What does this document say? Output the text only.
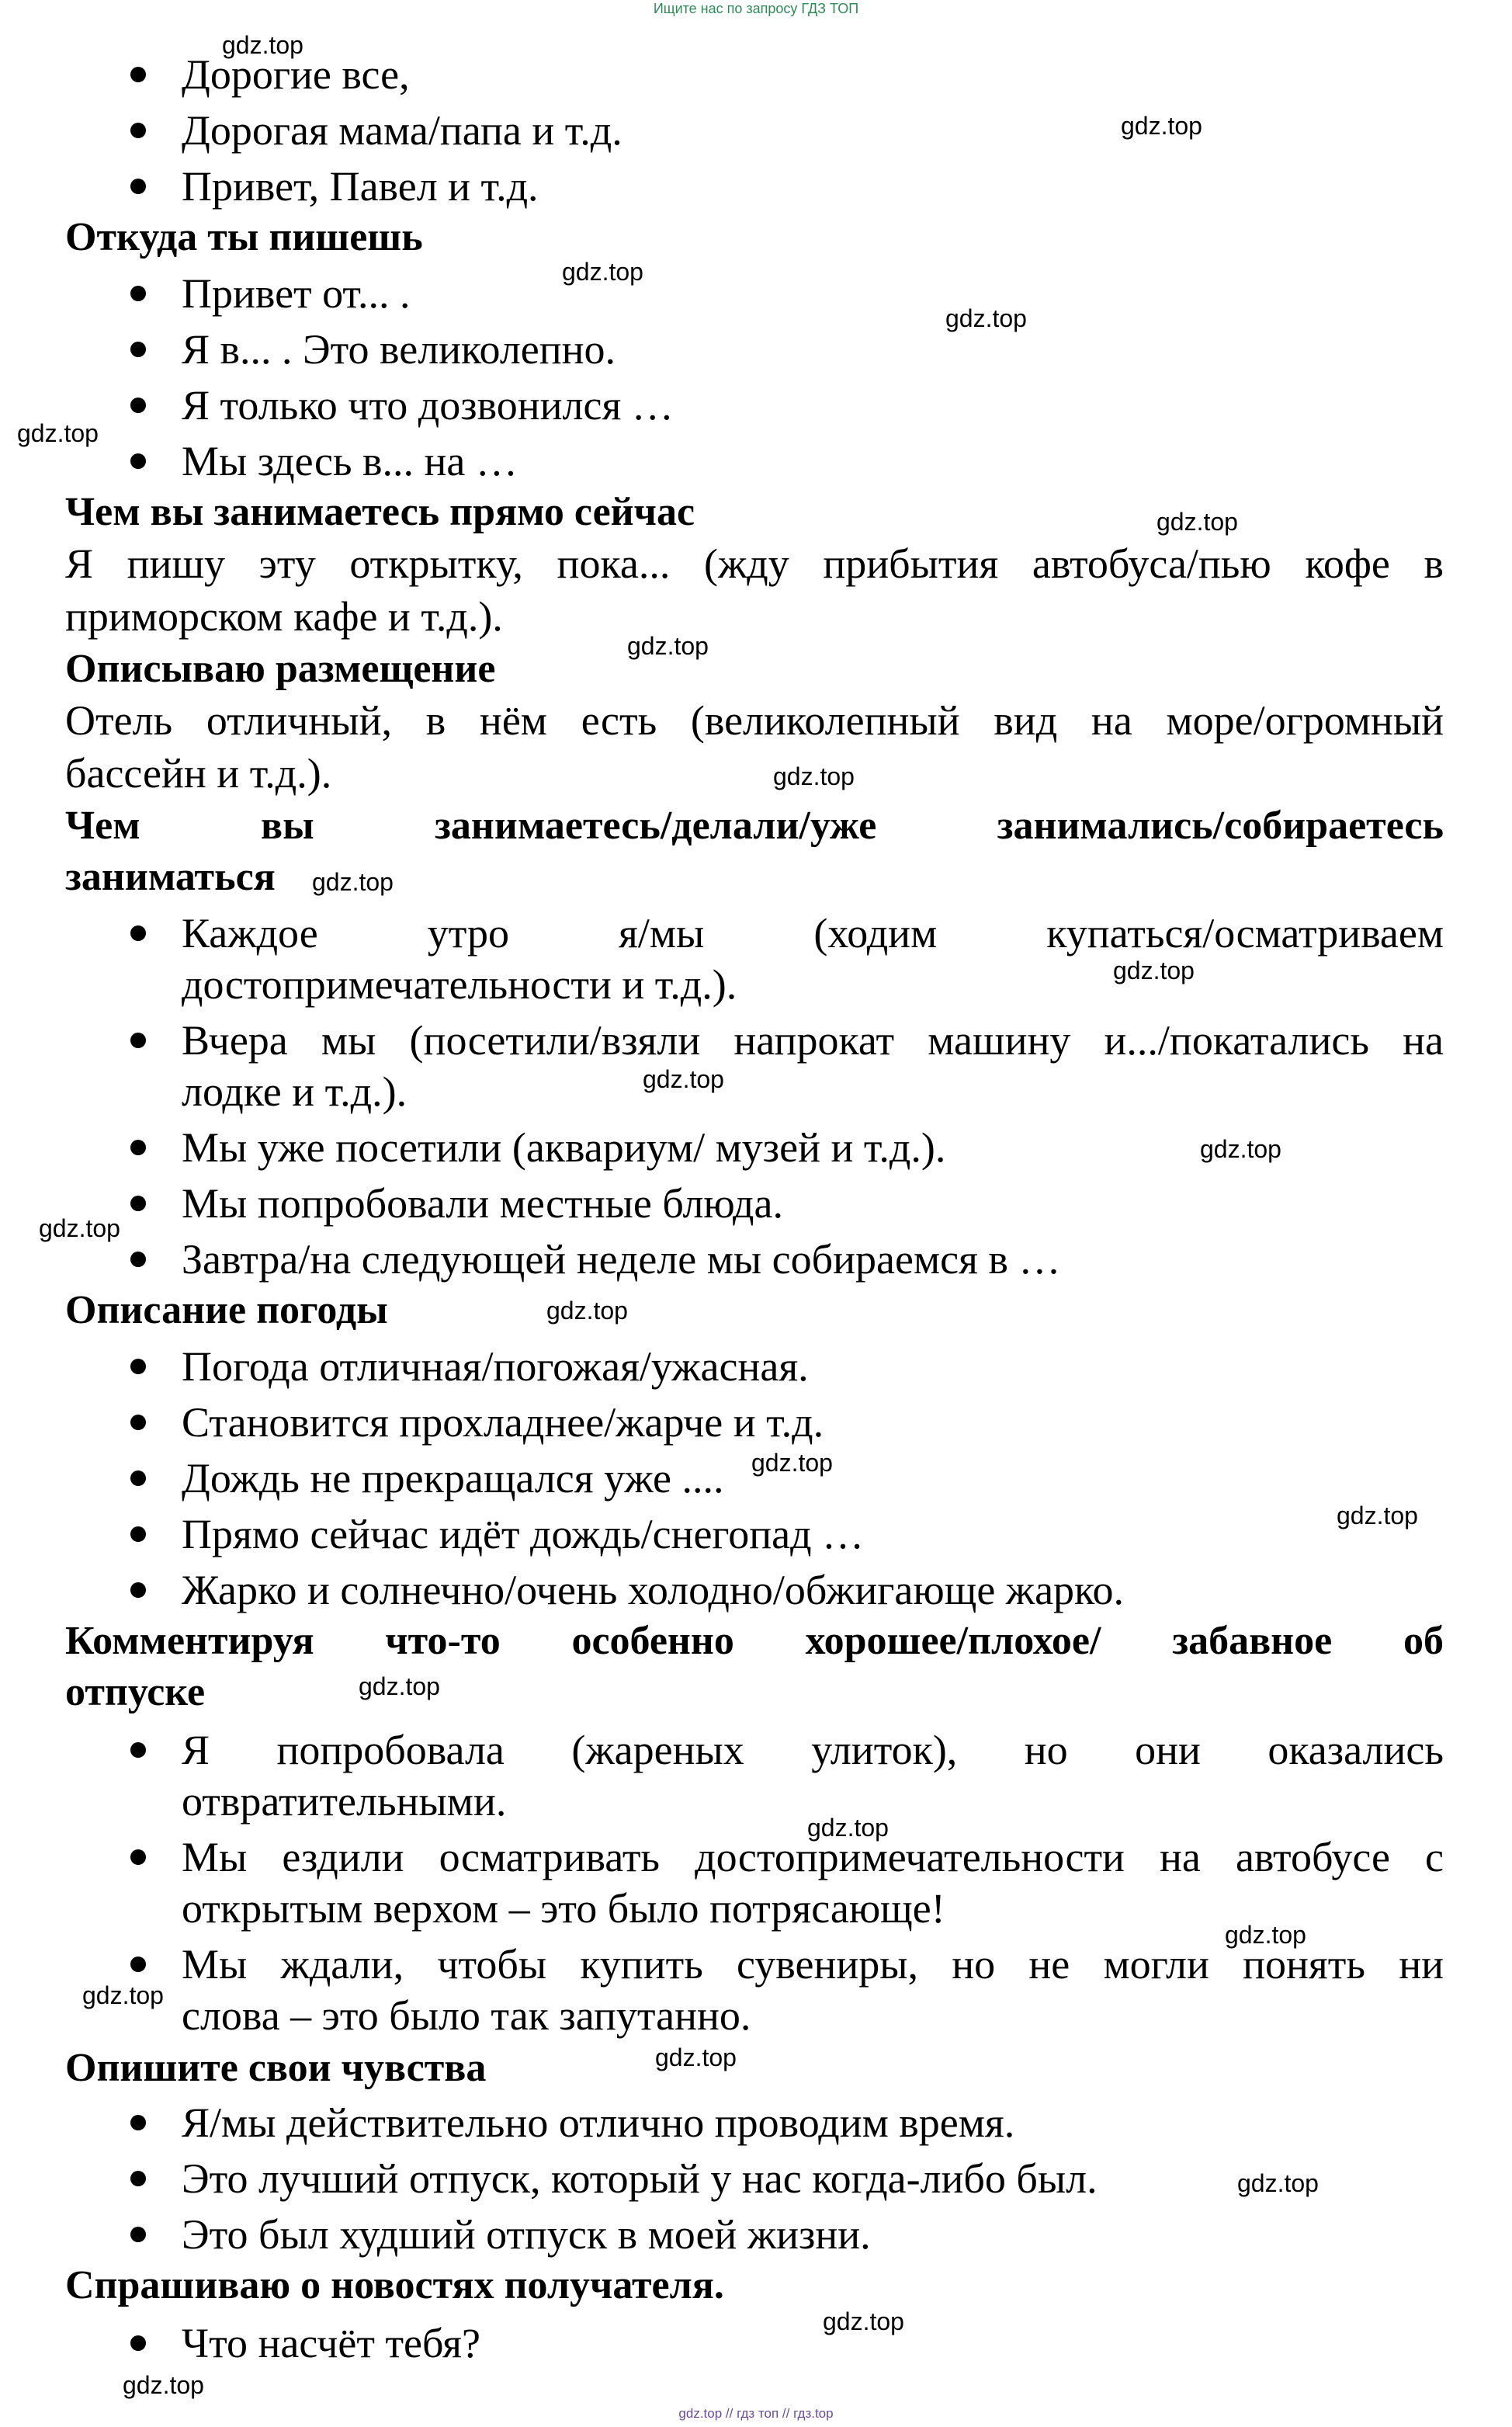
Ищите нас по запросу ГДЗ ТОП

Дорогие все,

Дорогая мама/папа и т.д.

Привет, Павел и т.д.

Откуда ты пишешь

Привет от... .

Я в... . Это великолепно.

Я только что дозвонился …

Мы здесь в... на …

Чем вы занимаетесь прямо сейчас

Я пишу эту открытку, пока... (жду прибытия автобуса/пью кофе в

приморском кафе и т.д.).

Описываю размещение

Отель отличный, в нём есть (великолепный вид на море/огромный

бассейн и т.д.).

Чем вы занимаетесь/делали/уже занимались/собираетесь

заниматься

Каждое утро я/мы (ходим купаться/осматриваем

достопримечательности и т.д.).

Вчера мы (посетили/взяли напрокат машину и.../покатались на

лодке и т.д.).

Мы уже посетили (аквариум/ музей и т.д.).

Мы попробовали местные блюда.

Завтра/на следующей неделе мы собираемся в …

Описание погоды

Погода отличная/погожая/ужасная.

Становится прохладнее/жарче и т.д.

Дождь не прекращался уже ....

Прямо сейчас идёт дождь/снегопад …

Жарко и солнечно/очень холодно/обжигающе жарко.

Комментируя что-то особенно хорошее/плохое/ забавное об

отпуске

Я попробовала (жареных улиток), но они оказались

отвратительными.

Мы ездили осматривать достопримечательности на автобусе с

открытым верхом – это было потрясающе!

Мы ждали, чтобы купить сувениры, но не могли понять ни

слова – это было так запутанно.

Опишите свои чувства

Я/мы действительно отлично проводим время.

Это лучший отпуск, который у нас когда-либо был.

Это был худший отпуск в моей жизни.

Спрашиваю о новостях получателя.

Что насчёт тебя?

gdz.top
gdz.top
gdz.top
gdz.top
gdz.top
gdz.top
gdz.top
gdz.top
gdz.top
gdz.top
gdz.top
gdz.top
gdz.top
gdz.top
gdz.top
gdz.top
gdz.top
gdz.top
gdz.top
gdz.top
gdz.top
gdz.top
gdz.top
gdz.top
gdz.top // гдз топ // гдз.top
